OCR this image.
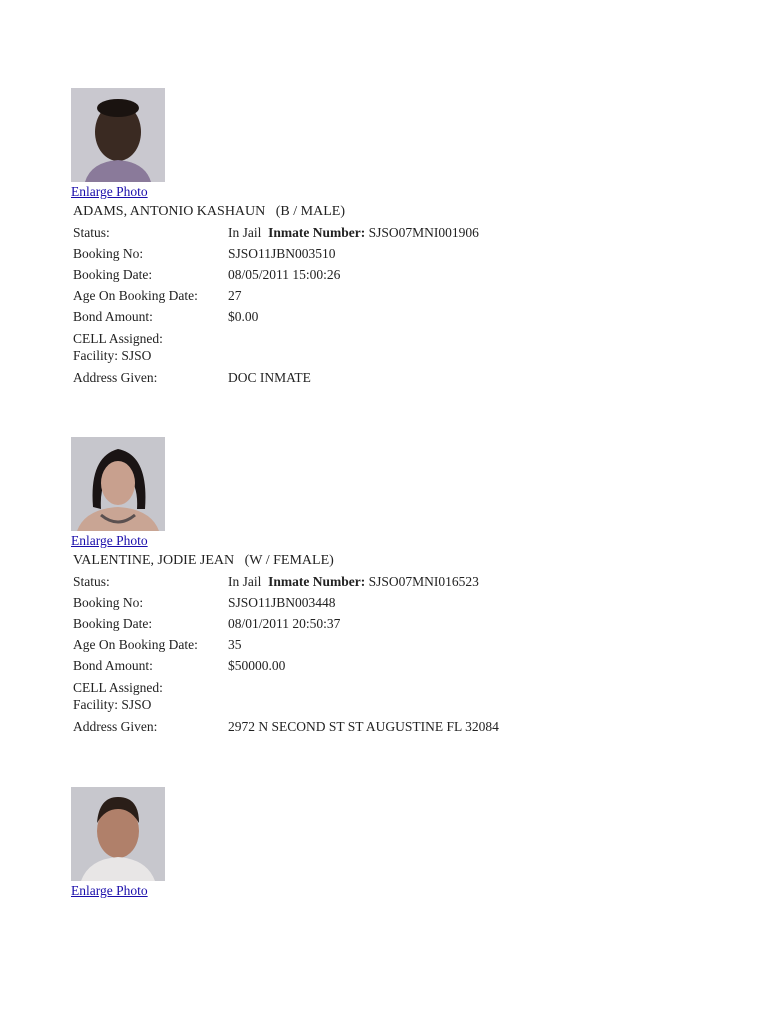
Enlarge Photo
ADAMS, ANTONIO KASHAUN (B / MALE)
Status:	In Jail Inmate Number: SJSO07MNI001906
Booking No:	SJSO11JBN003510
Booking Date:	08/05/2011 15:00:26
Age On Booking Date: 27
Bond Amount:	$0.00
CELL Assigned:
Facility: SJSO
Address Given:	DOC INMATE
Enlarge Photo
VALENTINE, JODIE JEAN (W / FEMALE)
Status:	In Jail Inmate Number: SJSO07MNI016523
Booking No:	SJSO11JBN003448
Booking Date:	08/01/2011 20:50:37
Age On Booking Date: 35
Bond Amount:	$50000.00
CELL Assigned:
Facility: SJSO
Address Given:	2972 N SECOND ST ST AUGUSTINE FL 32084
Enlarge Photo
